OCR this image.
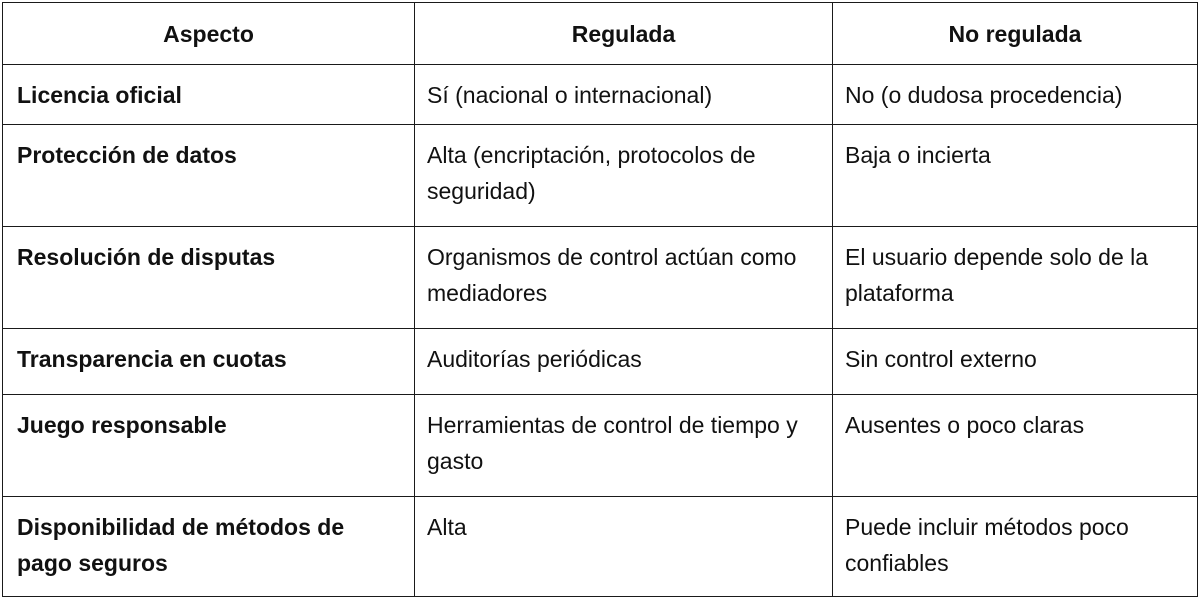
Aspecto	Regulada	No regulada
Licencia oficial	Sí (nacional o internacional)	No (o dudosa procedencia)
Protección de datos	Alta (encriptación, protocolos de seguridad)	Baja o incierta
Resolución de disputas	Organismos de control actúan como mediadores	El usuario depende solo de la plataforma
Transparencia en cuotas	Auditorías periódicas	Sin control externo
Juego responsable	Herramientas de control de tiempo y gasto	Ausentes o poco claras
Disponibilidad de métodos de pago seguros	Alta	Puede incluir métodos poco confiables
